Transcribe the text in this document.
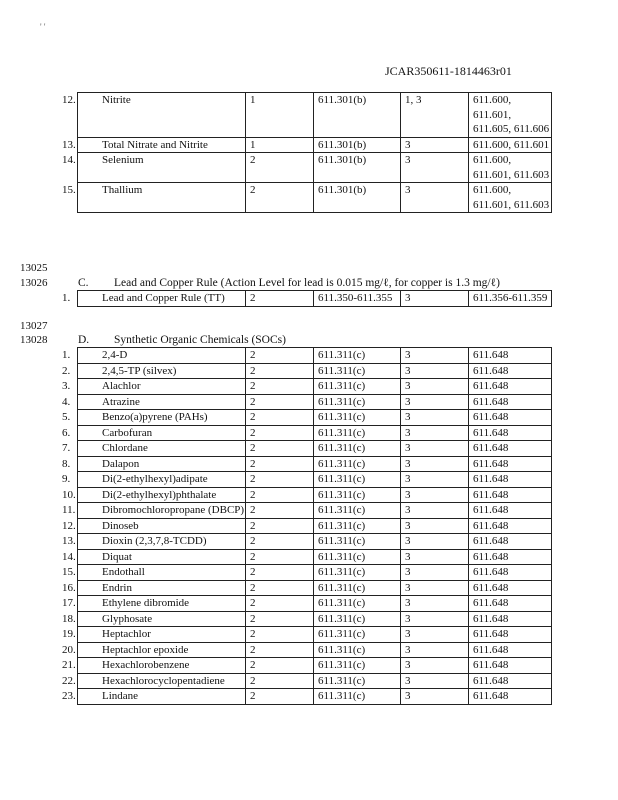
' '
JCAR350611-1814463r01
12. Nitrite	1	611.301(b)	1, 3	611.600, 611.601, 611.605, 611.606

13. Total Nitrate and Nitrite	1	611.301(b)	3	611.600, 611.601

14. Selenium	2	611.301(b)	3	611.600, 611.601, 611.603

15. Thallium	2	611.301(b)	3	611.600, 611.601, 611.603
13025
13026	C. Lead and Copper Rule (Action Level for lead is 0.015 mg/ℓ, for copper is 1.3 mg/ℓ)
1.	Lead and Copper Rule (TT)	2	611.350-611.355	3	611.356-611.359
13027
13028	D. Synthetic Organic Chemicals (SOCs)
1. 2,4-D	2	611.311(c)	3	611.648

2. 2,4,5-TP (silvex)	2	611.311(c)	3	611.648

3. Alachlor	2	611.311(c)	3	611.648

4. Atrazine	2	611.311(c)	3	611.648

5. Benzo(a)pyrene (PAHs)	2	611.311(c)	3	611.648

6. Carbofuran	2	611.311(c)	3	611.648

7. Chlordane	2	611.311(c)	3	611.648

8. Dalapon	2	611.311(c)	3	611.648

9. Di(2-ethylhexyl)adipate	2	611.311(c)	3	611.648

10. Di(2-ethylhexyl)phthalate	2	611.311(c)	3	611.648

11. Dibromochloropropane (DBCP)	2	611.311(c)	3	611.648

12. Dinoseb	2	611.311(c)	3	611.648

13. Dioxin (2,3,7,8-TCDD)	2	611.311(c)	3	611.648

14. Diquat	2	611.311(c)	3	611.648

15. Endothall	2	611.311(c)	3	611.648

16. Endrin	2	611.311(c)	3	611.648

17. Ethylene dibromide	2	611.311(c)	3	611.648

18. Glyphosate	2	611.311(c)	3	611.648

19. Heptachlor	2	611.311(c)	3	611.648

20. Heptachlor epoxide	2	611.311(c)	3	611.648

21. Hexachlorobenzene	2	611.311(c)	3	611.648

22. Hexachlorocyclopentadiene	2	611.311(c)	3	611.648

23. Lindane	2	611.311(c)	3	611.648
